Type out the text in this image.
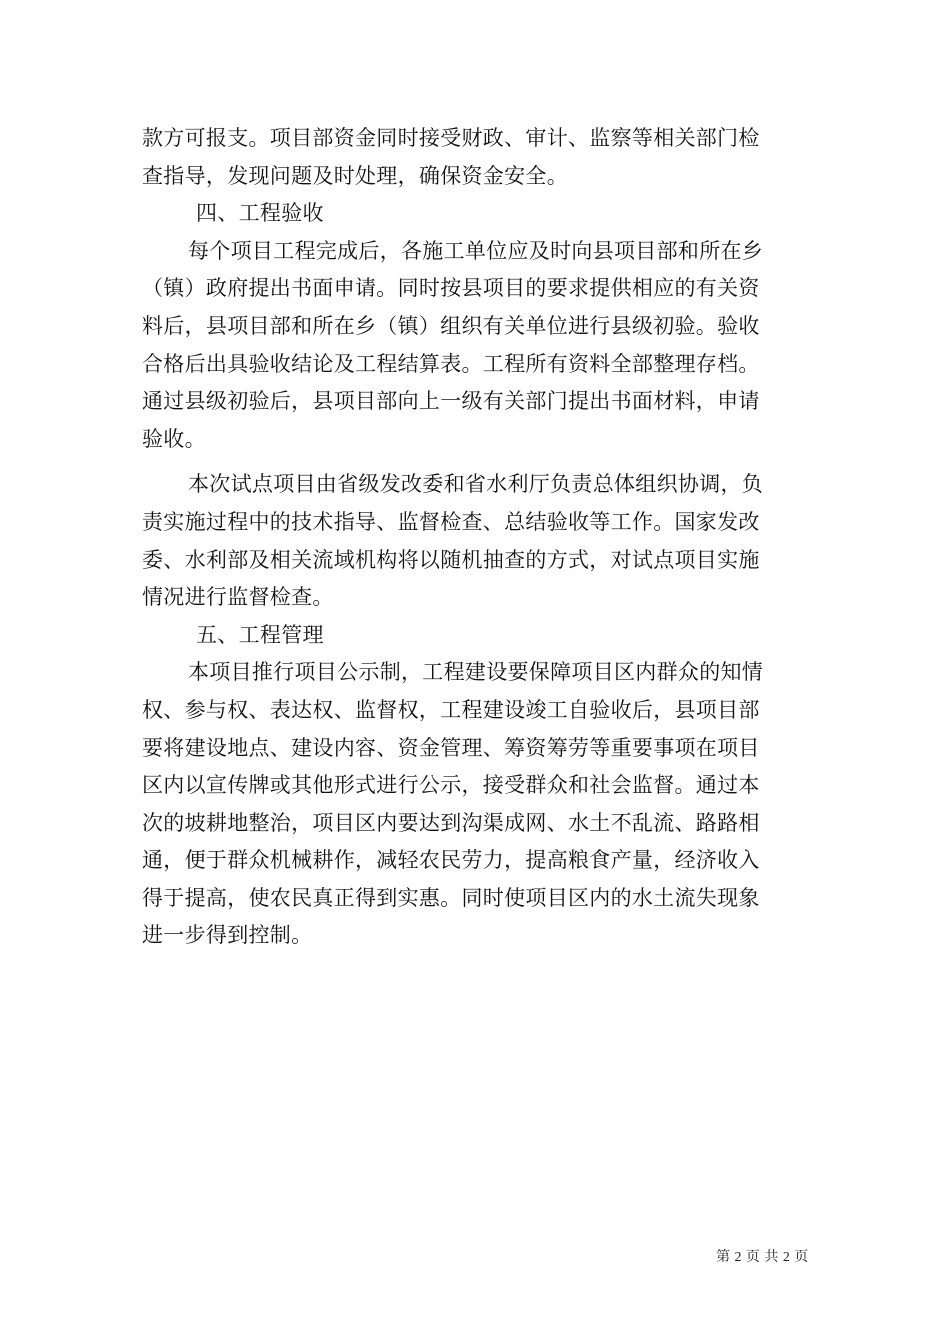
款方可报支。项目部资金同时接受财政、审计、监察等相关部门检
查指导，发现问题及时处理，确保资金安全。
四、工程验收
每个项目工程完成后，各施工单位应及时向县项目部和所在乡
（镇）政府提出书面申请。同时按县项目的要求提供相应的有关资
料后，县项目部和所在乡（镇）组织有关单位进行县级初验。验收
合格后出具验收结论及工程结算表。工程所有资料全部整理存档。
通过县级初验后，县项目部向上一级有关部门提出书面材料，申请
验收。
本次试点项目由省级发改委和省水利厅负责总体组织协调，负
责实施过程中的技术指导、监督检查、总结验收等工作。国家发改
委、水利部及相关流域机构将以随机抽查的方式，对试点项目实施
情况进行监督检查。
五、工程管理
本项目推行项目公示制，工程建设要保障项目区内群众的知情
权、参与权、表达权、监督权，工程建设竣工自验收后，县项目部
要将建设地点、建设内容、资金管理、筹资筹劳等重要事项在项目
区内以宣传牌或其他形式进行公示，接受群众和社会监督。通过本
次的坡耕地整治，项目区内要达到沟渠成网、水土不乱流、路路相
通，便于群众机械耕作，减轻农民劳力，提高粮食产量，经济收入
得于提高，使农民真正得到实惠。同时使项目区内的水土流失现象
进一步得到控制。
第 2 页 共 2 页
